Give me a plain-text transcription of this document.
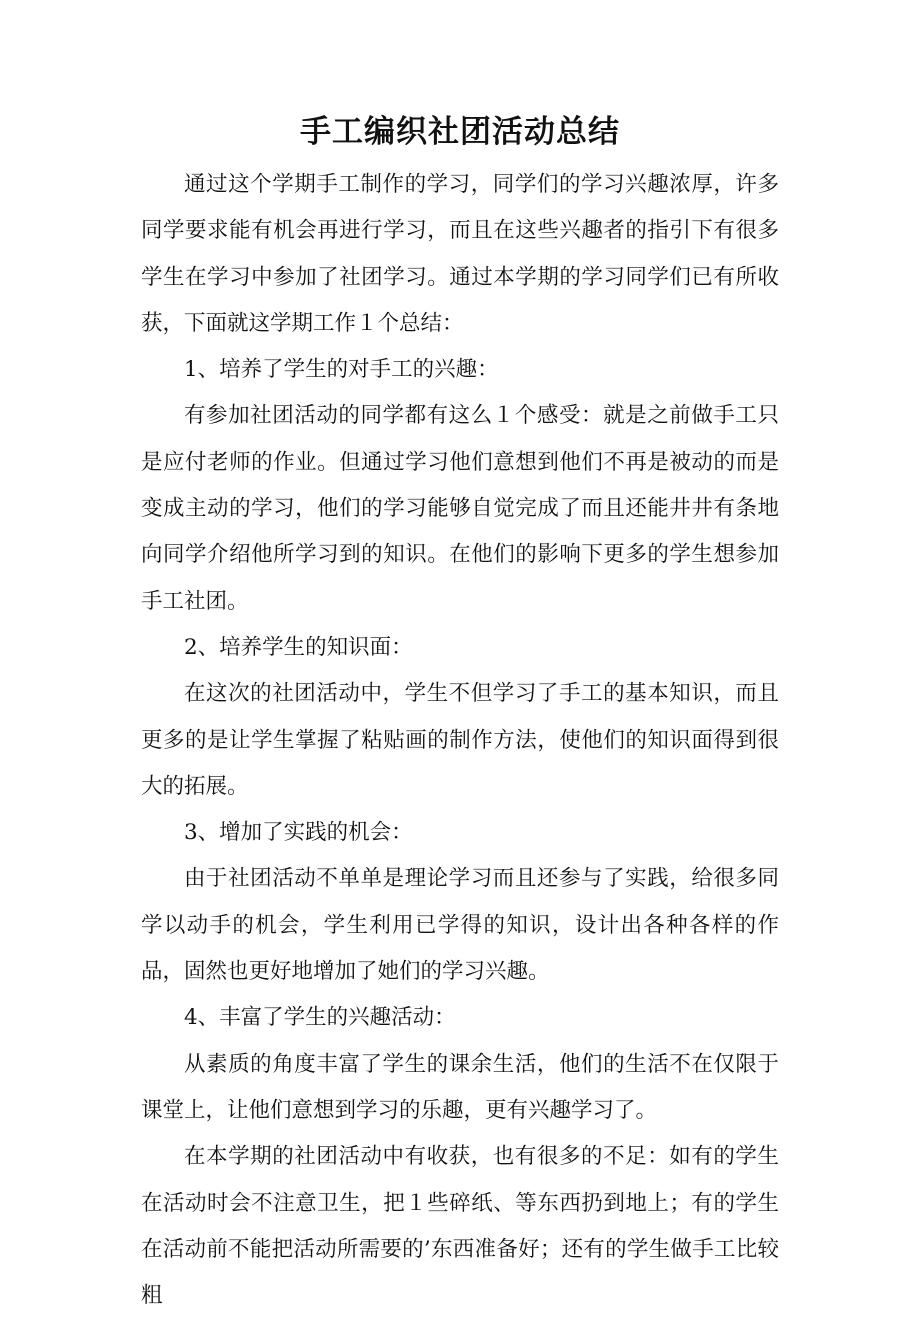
手工编织社团活动总结

通过这个学期手工制作的学习，同学们的学习兴趣浓厚，许多同学要求能有机会再进行学习，而且在这些兴趣者的指引下有很多学生在学习中参加了社团学习。通过本学期的学习同学们已有所收获，下面就这学期工作１个总结：

1、培养了学生的对手工的兴趣：

有参加社团活动的同学都有这么１个感受：就是之前做手工只是应付老师的作业。但通过学习他们意想到他们不再是被动的而是变成主动的学习，他们的学习能够自觉完成了而且还能井井有条地向同学介绍他所学习到的知识。在他们的影响下更多的学生想参加手工社团。

2、培养学生的知识面：

在这次的社团活动中，学生不但学习了手工的基本知识，而且更多的是让学生掌握了粘贴画的制作方法，使他们的知识面得到很大的拓展。

3、增加了实践的机会：

由于社团活动不单单是理论学习而且还参与了实践，给很多同学以动手的机会，学生利用已学得的知识，设计出各种各样的作品，固然也更好地增加了她们的学习兴趣。

4、丰富了学生的兴趣活动：

从素质的角度丰富了学生的课余生活，他们的生活不在仅限于课堂上，让他们意想到学习的乐趣，更有兴趣学习了。

在本学期的社团活动中有收获，也有很多的不足：如有的学生在活动时会不注意卫生，把１些碎纸、等东西扔到地上；有的学生在活动前不能把活动所需要的’东西准备好；还有的学生做手工比较粗
